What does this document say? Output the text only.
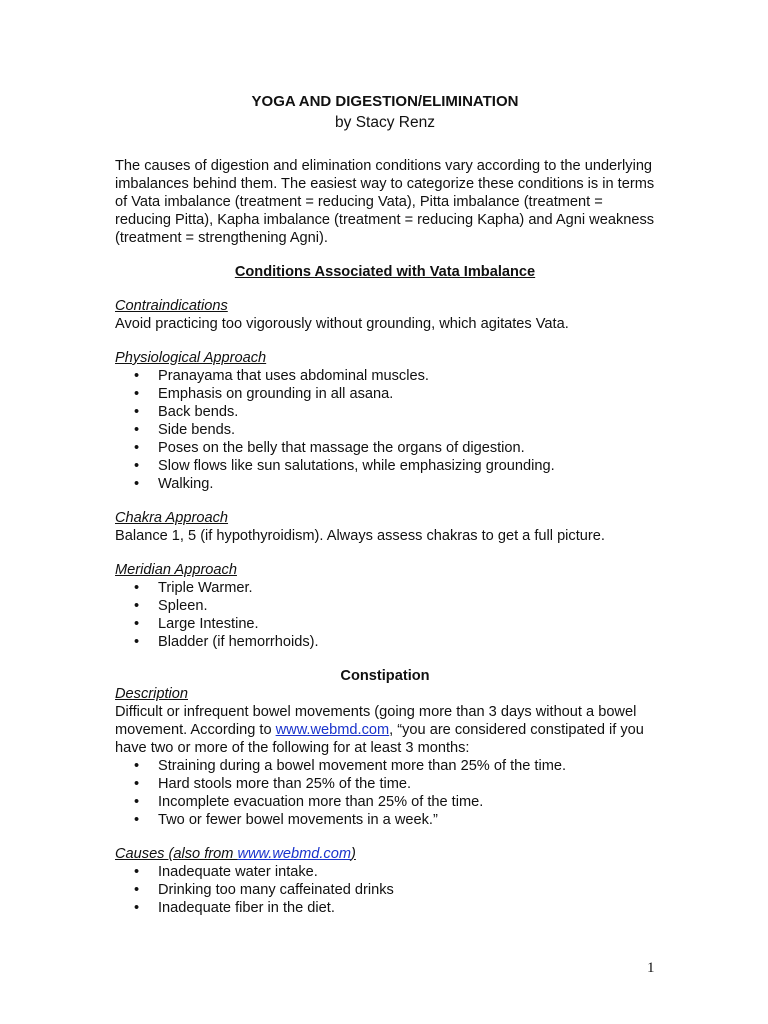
YOGA AND DIGESTION/ELIMINATION
by Stacy Renz
The causes of digestion and elimination conditions vary according to the underlying imbalances behind them. The easiest way to categorize these conditions is in terms of Vata imbalance (treatment = reducing Vata), Pitta imbalance (treatment = reducing Pitta), Kapha imbalance (treatment = reducing Kapha) and Agni weakness (treatment = strengthening Agni).
Conditions Associated with Vata Imbalance
Contraindications
Avoid practicing too vigorously without grounding, which agitates Vata.
Physiological Approach
• Pranayama that uses abdominal muscles.
• Emphasis on grounding in all asana.
• Back bends.
• Side bends.
• Poses on the belly that massage the organs of digestion.
• Slow flows like sun salutations, while emphasizing grounding.
• Walking.
Chakra Approach
Balance 1, 5 (if hypothyroidism). Always assess chakras to get a full picture.
Meridian Approach
• Triple Warmer.
• Spleen.
• Large Intestine.
• Bladder (if hemorrhoids).
Constipation
Description
Difficult or infrequent bowel movements (going more than 3 days without a bowel movement. According to www.webmd.com, “you are considered constipated if you have two or more of the following for at least 3 months:
• Straining during a bowel movement more than 25% of the time.
• Hard stools more than 25% of the time.
• Incomplete evacuation more than 25% of the time.
• Two or fewer bowel movements in a week.”
Causes (also from www.webmd.com)
• Inadequate water intake.
• Drinking too many caffeinated drinks
• Inadequate fiber in the diet.
1
